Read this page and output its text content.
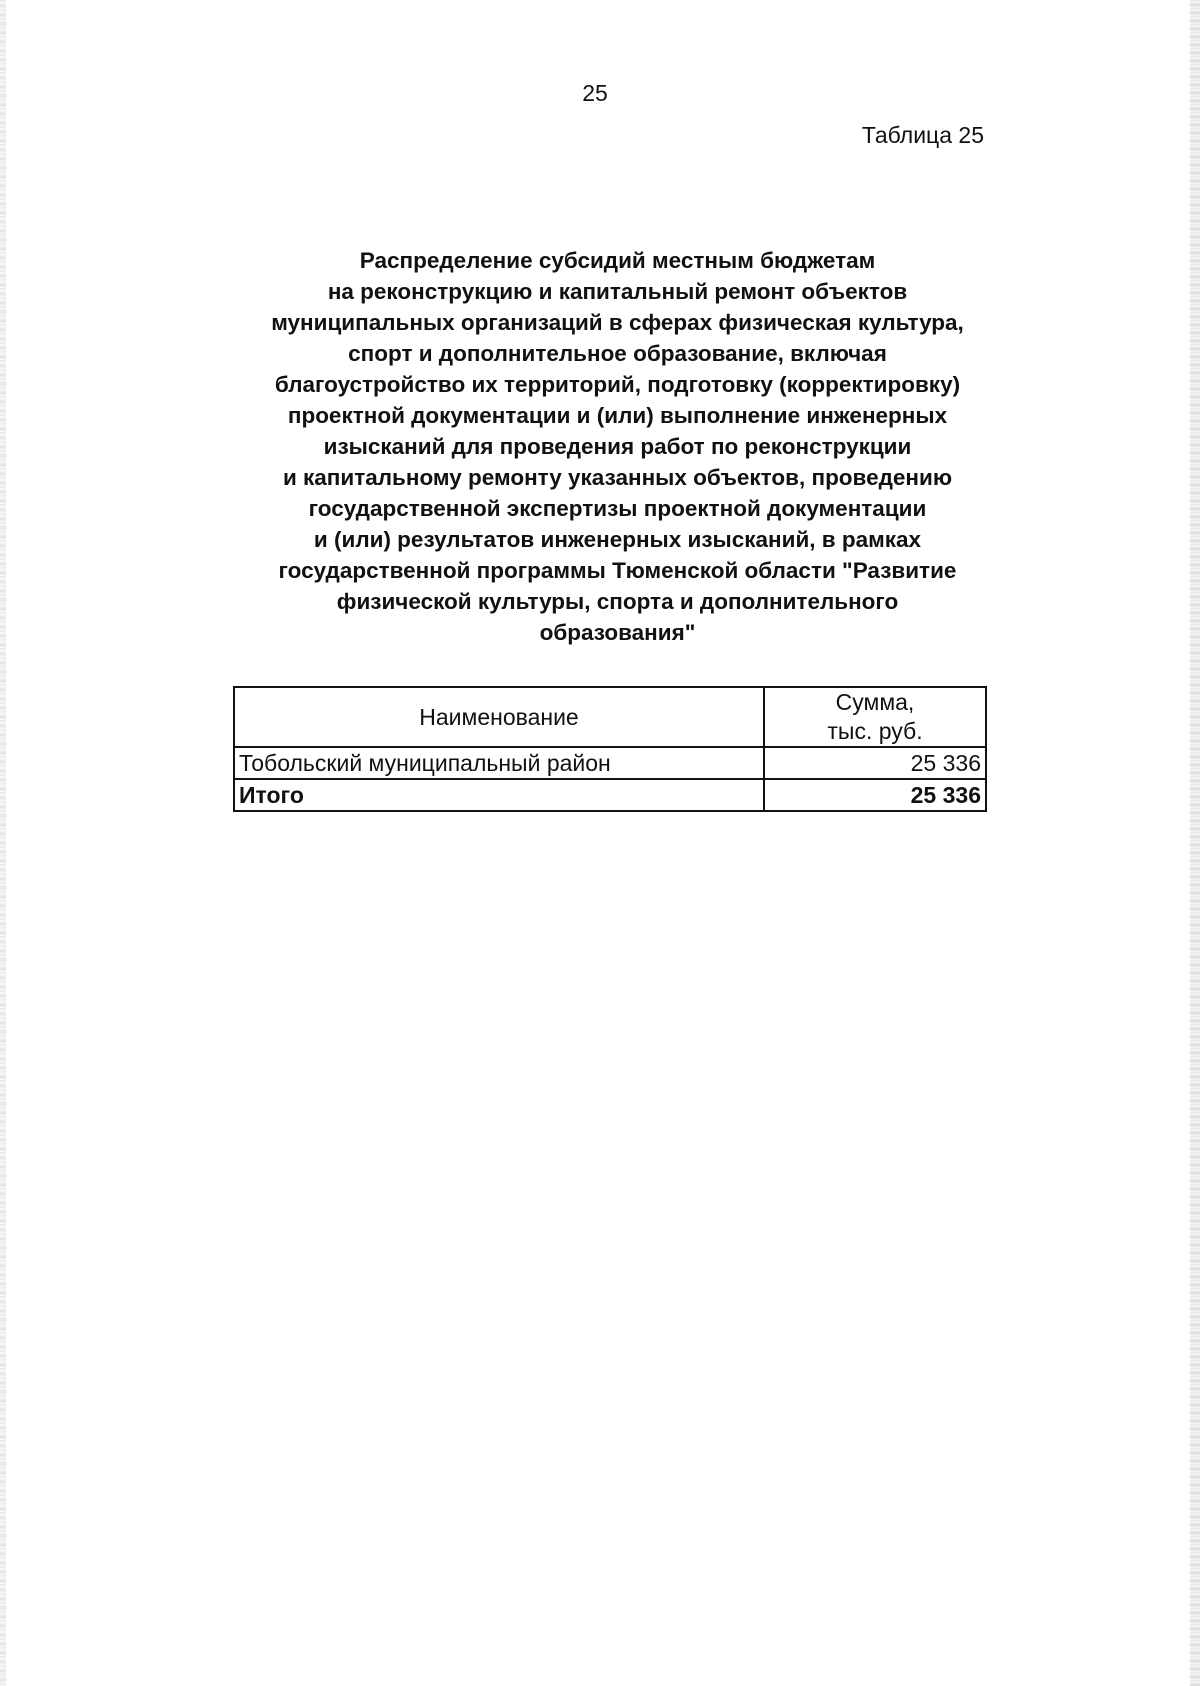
25
Таблица 25
Распределение субсидий местным бюджетам
на реконструкцию и капитальный ремонт объектов
муниципальных организаций в сферах физическая культура,
спорт и дополнительное образование, включая
благоустройство их территорий, подготовку (корректировку)
проектной документации и (или) выполнение инженерных
изысканий для проведения работ по реконструкции
и капитальному ремонту указанных объектов, проведению
государственной экспертизы проектной документации
и (или) результатов инженерных изысканий, в рамках
государственной программы Тюменской области "Развитие
физической культуры, спорта и дополнительного
образования"
Наименование	Сумма,
тыс. руб.
Тобольский муниципальный район	25 336
Итого	25 336
